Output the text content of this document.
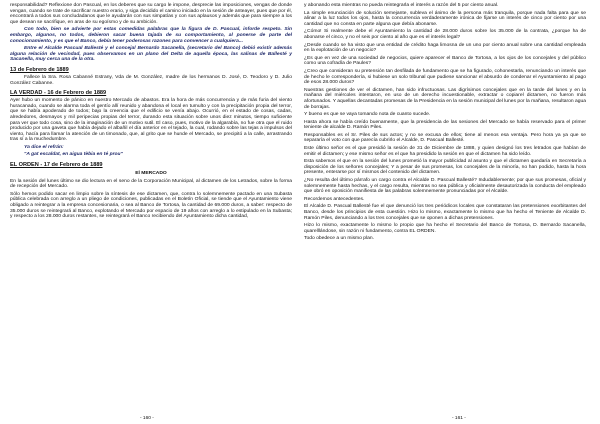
responsabilidad? Reflexione don Pascual, en los deberes que su cargo le impone, desprecie las imposiciones, vengas de donde vengan, cuando se trate de sacrificar nuestro erario, y siga decidido el camino iniciado en la sesión de anteayer, pues que por él, encontrará a todos sus concludadanos que le ayudarán con sus simpatías y con sus aplausos y además que para siempre a los que desean se sacrifique, en aras de su egoísmo y de su ambición.

Con todo, bien se advierte por estas comedidas palabras que la figura de D. Pascual, inforde respeto. Sin embargo, algunos, no todos, debieron sacar buena tajada de su comportamiento, al ponerse de parte del conocionamiento, y es que el Banco, debía tener poderosas razones para convencer a cualquiera...

Entre el Alcalde Pascual Ballesté y el concejal Bernardo Sacanella, (secretario del Banco) debió existir además alguna relación de vecindad, pues observamos en un plano del Delta de aquella época, las salinas de Ballesté y Sacanella, muy cerca una de la otra.

13 de Febrero de 1889

Fallece la Sra. Rosa Cabanné Estrany, Vda de M. González, madre de los hermanos D. José, D. Teodoro y D. Julio González Cabanne.

LA VERDAD - 16 de Febrero de 1889

Ayer hubo un momento de pánico en nuestro Mercado de abastos. Era la hora de más concurrencia y de más furia del viento huracanado, cuando se alarma toda el gentío allí reunido y abandona el local en tumulto y con la precipitación propia del terror, que se había apoderado de todos; bajo la creencia que el edificio se venía abajo. Ocurrió, en el estado de cosas, cadas, alrededores, desmayos y mil peripecias propias del terror, durando esta situación sobre unos diez minutos, tiempo suficiente para ver que todo cosa, sino de la imaginación de un motivo sutil. El caso, pues, motivo de la algarabía, no fue otra que el ruido producido por una gaveta que había dejado el albañil el día anterior en el tejado, la cual, rodando sobre las tejas a impulsos del viento, hacía para llamar la atención de un timonado, que, al grito que se hunde el Mercado, se precipitó a la calle, arrastrando tras sí a la muchedumbre.

Ya dice el refrán:

"A gat escaldat, en aigua tèbia en té prou"

EL ORDEN - 17 de Febrero de 1889

El MERCADO

En la sesión del lunes último se dio lectura en el seno de la Corporación Municipal, al dictamen de los Letrados, sobre la forma de recepción del Mercado.

Sólo hemos podido sacar en limpio sobre la síntesis de ese dictamen, que, contra lo solemnemente pactado en una Subasta pública celebrada con arreglo a un pliego de condiciones, publicadas en el Boletín Oficial, se tiende que el Ayuntamiento viene obligado a reintegrar a la empresa concesionaria, o sea al Banco de Tortosa, la cantidad de 69.000 duros, a saber: respecto de 35.000 duros se reintegrará al Banco, explotando el Mercado por espacio de 19 años con arreglo a lo estipulado en la Subasta; y respecto a los 28.000 duros restantes, se reintegrará el Banco recibiendo del Ayuntamiento dicha cantidad,

y abonando esta mientras no pueda reintegrarla el interés a razón del 5 por ciento anual.

La simple enunciación de solución semejante, subleva el ánimo de la persona más tranquila, porque nada falta para que se alinar a la luz todos los ojos, hasta la concurrencia verdaderamente irónica de fijarse un interés de cinco por ciento por una cantidad que no consta en parte alguna que debía abonarse.

¿Cómo! Si realmente debe el Ayuntamiento la cantidad de 28.000 duros sobre los 35.000 de la contrata, ¿porque ha de abonarse el cinco, y no el seis por ciento al año que es el interés legal?

¿Desde cuando se ha visto que una entidad de crédito haga limosna de un uno por ciento anual sobre una cantidad empleada en la explotación de un negocio?

¿Es que en vez de una sociedad de negocios, quiere aparecer el Banco de Tortosa, a los ojos de los concejales y del público como una cofradía de Paules?

¿Creo que consideran su pretensión tan desfilada de fundamento que se ha figurado, cohonestarla, renunciando un interés que de hecho le correspondería, si hubiese un solo tribunal que pudiese sancionar el absurdo de condenar el Ayuntamiento al pago de esos 28.000 duros?

Nuestras gestiones de ver el dictamen, han sido infructuosas. Las digrísimos concejales que en la tarde del lunes y en la mañana del miércoles intentaron, en uso de un derecho incuestionable, extractar o copiarel dictamen, no fueron más afortunados. Y aquellas decantadas promesas de la Presidencia en la sesión municipal del lunes por la mañana, resultaron agua de borrajas.

Y bueno es que se vaya tomando nota de cuanto sucede.

Hasta ahora se había creído buenamente, que la presidencia de las sesiones del Mercado se había reservado para el primer teniente de alcalde D. Ramón Piles.

Responsables es el Sr. Piles de sus actos; y no se excusa de ellos; tiene al menos esa ventaja. Pero hora ya ya que se separaría el voto con que parecía cubrirlo el Alcalde, D. Pascual Ballesté.

Este último señor es el que presidió la sesión de 31 de Diciembre de 1888, y quien designó los tres letrados que habían de emitir el dictamen; y ese mismo señor es el que ha presidido la sesión en que el dictamen ha sido leído.

Esta sabemos el que en la sesión del lunes prometió la mayor publicidad al asunto y que el dictamen quedaría en Secretaría a disposición de los señores concejales; Y a pesar de sus promesas, los concejales de la minoría, no han podido, hasta la hora presente, enterarse por sí mismos del contenido del dictamen.

¿No resulta del último párrafo un cargo contra el Alcalde D. Pascual Ballesté? Indudablemente; por que sus promesas, oficial y solemnemente hasta hechas, y el cargo resulta, mientras no sea pública y oficialmente desautorizada la conducta del empleado que obró en oposición manifiesta de las palabras solemnemente pronunciadas por el Alcalde.

Recordemos antecedentes.

El Alcalde D. Pascual Ballesté fue el que denunció los tres periódicos locales que constataran las pretensiones exorbitantes del Banco, desde los principios de esta cuestión. Hizo lo mismo, exactamente lo mismo que ha hecho el Teniente de Alcalde D. Ramón Piles, denunciando a los tres concejales que se oponen a dichas pretensiones.

Hizo lo mismo, exactamente lo mismo lo propio que ha hecho el Secretario del Banco de Tortosa, D. Bernardo Sacanella, quarelllándose, sin razón ni fundamento, contra EL ORDEN.

Todo obedece a un mismo plan.

- 160 -	- 161 -
